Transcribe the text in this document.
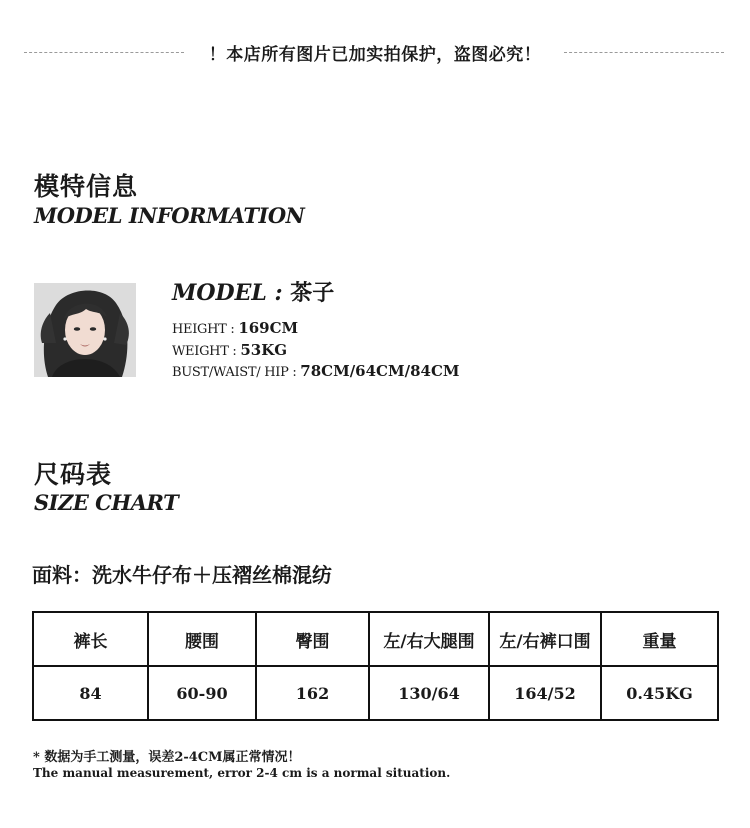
！本店所有图片已加实拍保护，盗图必究！
模特信息
MODEL INFORMATION
MODEL : 茶子
HEIGHT : 169CM
WEIGHT : 53KG
BUST/WAIST/ HIP : 78CM/64CM/84CM
尺码表
SIZE CHART
面料：洗水牛仔布＋压褶丝棉混纺
裤长	腰围	臀围	左/右大腿围	左/右裤口围	重量
84	60-90	162	130/64	164/52	0.45KG
* 数据为手工测量，误差2-4CM属正常情况！
The manual measurement, error 2-4 cm is a normal situation.
